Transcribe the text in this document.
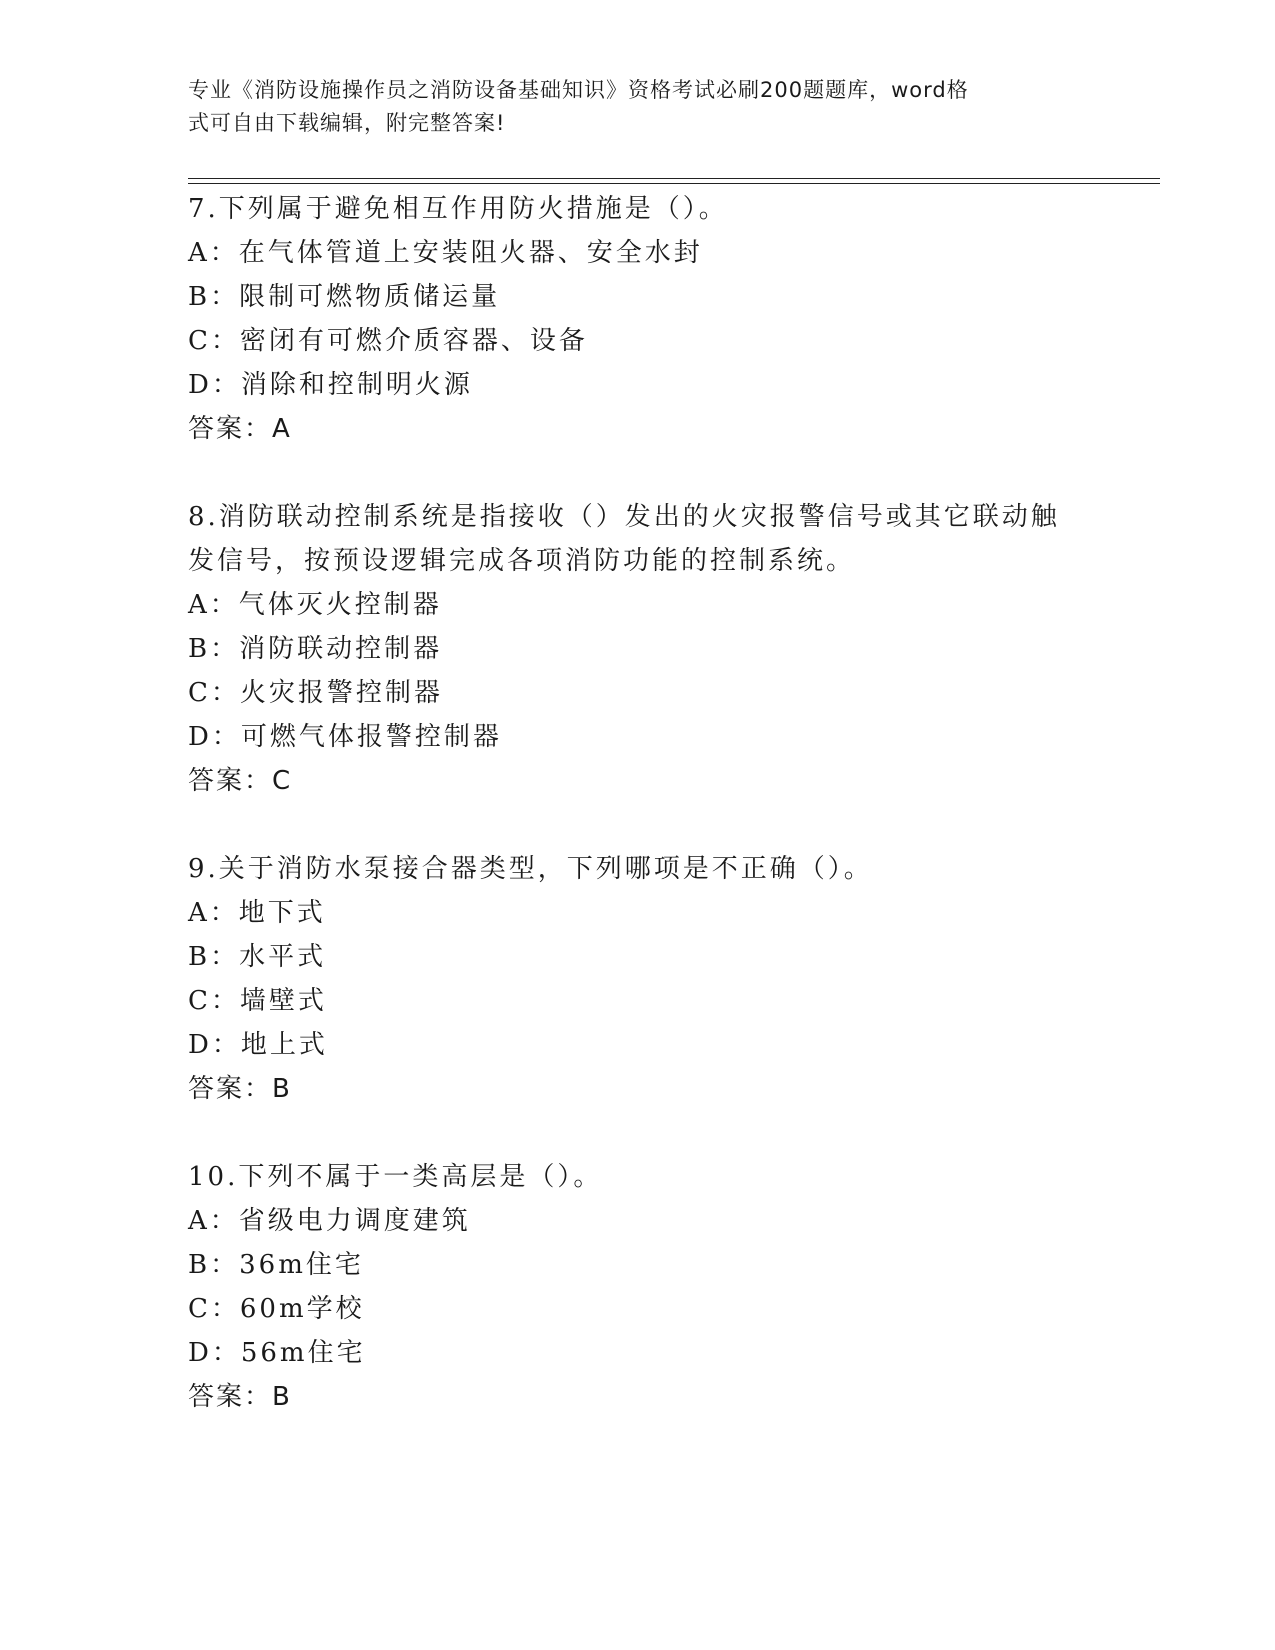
专业《消防设施操作员之消防设备基础知识》资格考试必刷200题题库，word格
式可自由下载编辑，附完整答案!
7.下列属于避免相互作用防火措施是（）。
A：在气体管道上安装阻火器、安全水封
B：限制可燃物质储运量
C：密闭有可燃介质容器、设备
D：消除和控制明火源
答案：A
8.消防联动控制系统是指接收（）发出的火灾报警信号或其它联动触
发信号，按预设逻辑完成各项消防功能的控制系统。
A：气体灭火控制器
B：消防联动控制器
C：火灾报警控制器
D：可燃气体报警控制器
答案：C
9.关于消防水泵接合器类型，下列哪项是不正确（）。
A：地下式
B：水平式
C：墙壁式
D：地上式
答案：B
10.下列不属于一类高层是（）。
A：省级电力调度建筑
B：36m住宅
C：60m学校
D：56m住宅
答案：B
